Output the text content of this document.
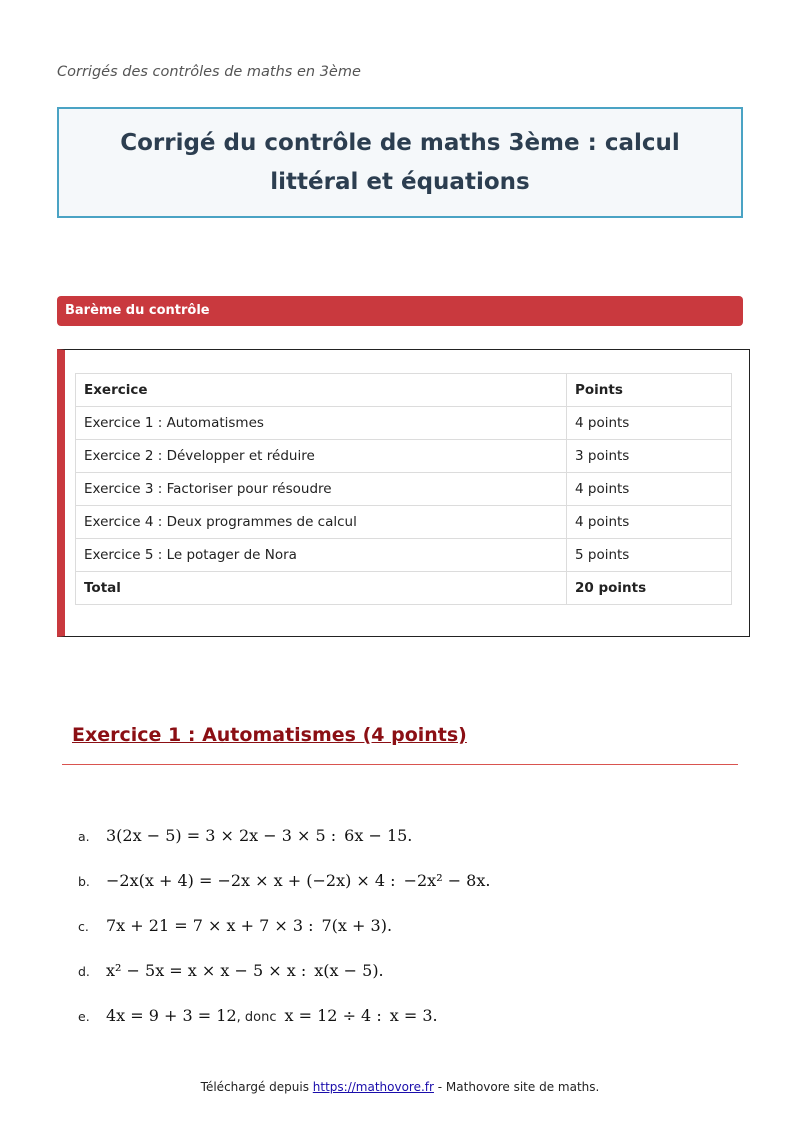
Corrigés des contrôles de maths en 3ème
Corrigé du contrôle de maths 3ème : calcul littéral et équations
Barème du contrôle
Exercice	Points
Exercice 1 : Automatismes	4 points
Exercice 2 : Développer et réduire	3 points
Exercice 3 : Factoriser pour résoudre	4 points
Exercice 4 : Deux programmes de calcul	4 points
Exercice 5 : Le potager de Nora	5 points
Total	20 points
Exercice 1 : Automatismes (4 points)
a.	3(2x − 5) = 3 × 2x − 3 × 5 : 6x − 15.
b.	−2x(x + 4) = −2x × x + (−2x) × 4 : −2x² − 8x.
c.	7x + 21 = 7 × x + 7 × 3 : 7(x + 3).
d.	x² − 5x = x × x − 5 × x : x(x − 5).
e.	4x = 9 + 3 = 12 , donc x = 12 ÷ 4 : x = 3.
Téléchargé depuis https://mathovore.fr - Mathovore site de maths.
